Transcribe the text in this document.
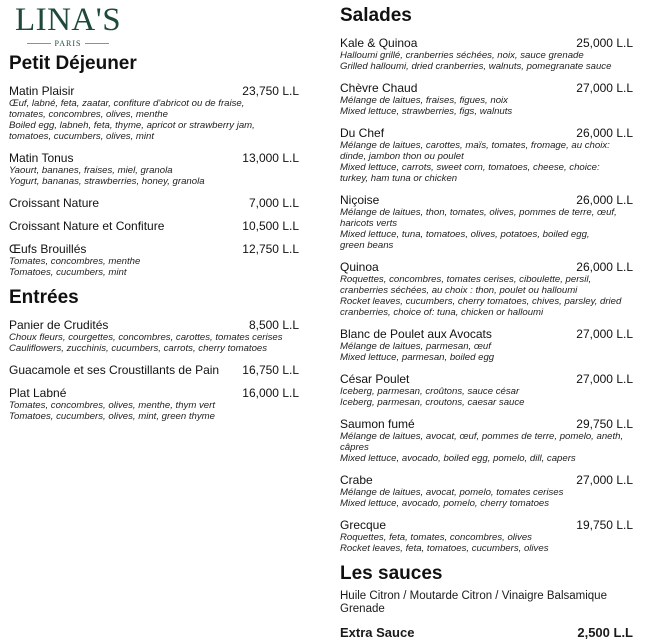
LINA'S
PARIS
Petit Déjeuner
Matin Plaisir	23,750 L.L
Œuf, labné, feta, zaatar, confiture d'abricot ou de fraise,
tomates, concombres, olives, menthe
Boiled egg, labneh, feta, thyme, apricot or strawberry jam,
tomatoes, cucumbers, olives, mint
Matin Tonus	13,000 L.L
Yaourt, bananes, fraises, miel, granola
Yogurt, bananas, strawberries, honey, granola
Croissant Nature	7,000 L.L
Croissant Nature et Confiture	10,500 L.L
Œufs Brouillés	12,750 L.L
Tomates, concombres, menthe
Tomatoes, cucumbers, mint
Entrées
Panier de Crudités	8,500 L.L
Choux fleurs, courgettes, concombres, carottes, tomates cerises
Cauliflowers, zucchinis, cucumbers, carrots, cherry tomatoes
Guacamole et ses Croustillants de Pain	16,750 L.L
Plat Labné	16,000 L.L
Tomates, concombres, olives, menthe, thym vert
Tomatoes, cucumbers, olives, mint, green thyme
Salades
Kale & Quinoa	25,000 L.L
Halloumi grillé, cranberries séchées, noix, sauce grenade
Grilled halloumi, dried cranberries, walnuts, pomegranate sauce
Chèvre Chaud	27,000 L.L
Mélange de laitues, fraises, figues, noix
Mixed lettuce, strawberries, figs, walnuts
Du Chef	26,000 L.L
Mélange de laitues, carottes, maïs, tomates, fromage, au choix:
dinde, jambon thon ou poulet
Mixed lettuce, carrots, sweet corn, tomatoes, cheese, choice:
turkey, ham tuna or chicken
Niçoise	26,000 L.L
Mélange de laitues, thon, tomates, olives, pommes de terre, œuf,
haricots verts
Mixed lettuce, tuna, tomatoes, olives, potatoes, boiled egg,
green beans
Quinoa	26,000 L.L
Roquettes, concombres, tomates cerises, ciboulette, persil,
cranberries séchées, au choix : thon, poulet ou halloumi
Rocket leaves, cucumbers, cherry tomatoes, chives, parsley, dried
cranberries, choice of: tuna, chicken or halloumi
Blanc de Poulet aux Avocats	27,000 L.L
Mélange de laitues, parmesan, œuf
Mixed lettuce, parmesan, boiled egg
César Poulet	27,000 L.L
Iceberg, parmesan, croûtons, sauce césar
Iceberg, parmesan, croutons, caesar sauce
Saumon fumé	29,750 L.L
Mélange de laitues, avocat, œuf, pommes de terre, pomelo, aneth,
câpres
Mixed lettuce, avocado, boiled egg, pomelo, dill, capers
Crabe	27,000 L.L
Mélange de laitues, avocat, pomelo, tomates cerises
Mixed lettuce, avocado, pomelo, cherry tomatoes
Grecque	19,750 L.L
Roquettes, feta, tomates, concombres, olives
Rocket leaves, feta, tomatoes, cucumbers, olives
Les sauces
Huile Citron / Moutarde Citron / Vinaigre Balsamique Grenade
Extra Sauce	2,500 L.L
